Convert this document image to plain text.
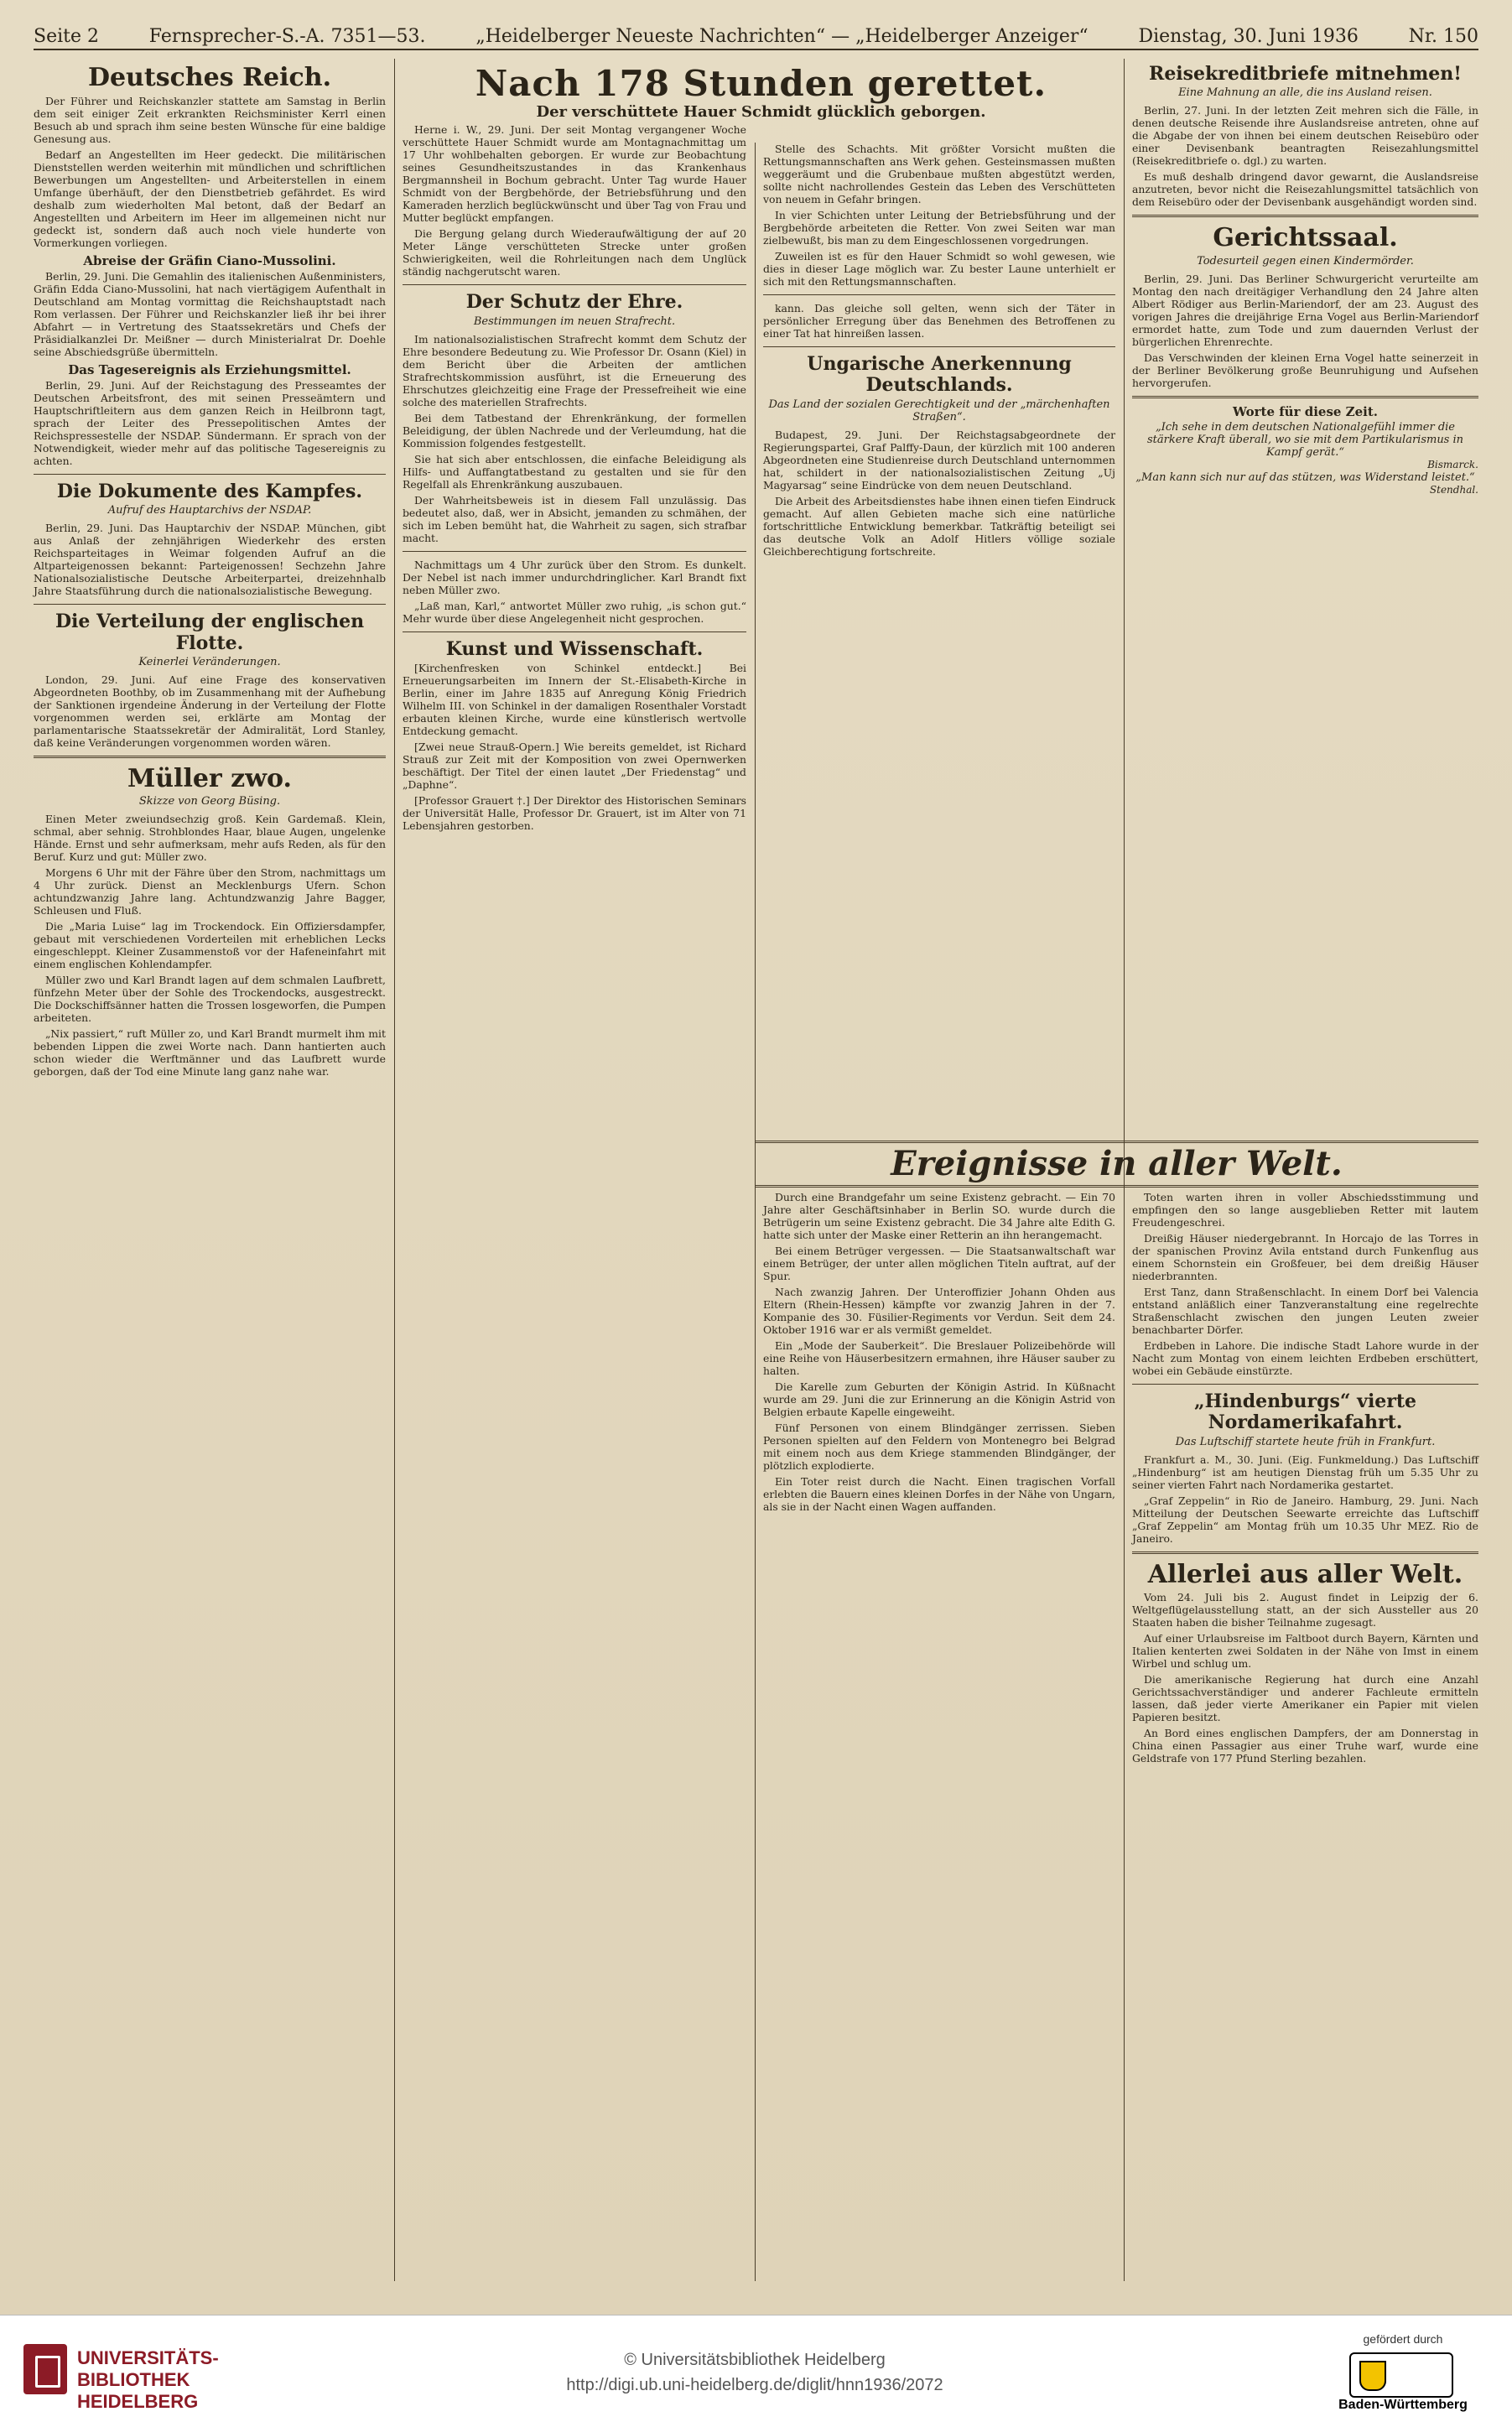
Seite 2	Fernsprecher-S.-A. 7351—53.	„Heidelberger Neueste Nachrichten“ — „Heidelberger Anzeiger“	Dienstag, 30. Juni 1936	Nr. 150
Deutsches Reich.

Der Führer und Reichskanzler stattete am Samstag in Berlin dem seit einiger Zeit erkrankten Reichsminister Kerrl einen Besuch ab und sprach ihm seine besten Wünsche für eine baldige Genesung aus.

Bedarf an Angestellten im Heer gedeckt. Die militärischen Dienststellen werden weiterhin mit mündlichen und schriftlichen Bewerbungen um Angestellten- und Arbeiterstellen in einem Umfange überhäuft, der den Dienstbetrieb gefährdet. Es wird deshalb zum wiederholten Mal betont, daß der Bedarf an Angestellten und Arbeitern im Heer im allgemeinen nicht nur gedeckt ist, sondern daß auch noch viele hunderte von Vormerkungen vorliegen.

Abreise der Gräfin Ciano-Mussolini.

Berlin, 29. Juni. Die Gemahlin des italienischen Außenministers, Gräfin Edda Ciano-Mussolini, hat nach viertägigem Aufenthalt in Deutschland am Montag vormittag die Reichshauptstadt nach Rom verlassen. Der Führer und Reichskanzler ließ ihr bei ihrer Abfahrt — in Vertretung des Staatssekretärs und Chefs der Präsidialkanzlei Dr. Meißner — durch Ministerialrat Dr. Doehle seine Abschiedsgrüße übermitteln.

Das Tagesereignis als Erziehungsmittel.

Berlin, 29. Juni. Auf der Reichstagung des Presseamtes der Deutschen Arbeitsfront, des mit seinen Presseämtern und Hauptschriftleitern aus dem ganzen Reich in Heilbronn tagt, sprach der Leiter des Pressepolitischen Amtes der Reichspressestelle der NSDAP. Sündermann. Er sprach von der Notwendigkeit, wieder mehr auf das politische Tagesereignis zu achten.

Die Dokumente des Kampfes.
Aufruf des Hauptarchivs der NSDAP.

Berlin, 29. Juni. Das Hauptarchiv der NSDAP. München, gibt aus Anlaß der zehnjährigen Wiederkehr des ersten Reichsparteitages in Weimar folgenden Aufruf an die Altparteigenossen bekannt: Parteigenossen! Sechzehn Jahre Nationalsozialistische Deutsche Arbeiterpartei, dreizehnhalb Jahre Staatsführung durch die nationalsozialistische Bewegung.

Die Verteilung der englischen Flotte.
Keinerlei Veränderungen.

London, 29. Juni. Auf eine Frage des konservativen Abgeordneten Boothby, ob im Zusammenhang mit der Aufhebung der Sanktionen irgendeine Änderung in der Verteilung der Flotte vorgenommen werden sei, erklärte am Montag der parlamentarische Staatssekretär der Admiralität, Lord Stanley, daß keine Veränderungen vorgenommen worden wären.

Müller zwo.
Skizze von Georg Büsing.

Einen Meter zweiundsechzig groß. Kein Gardemaß. Klein, schmal, aber sehnig. Strohblondes Haar, blaue Augen, ungelenke Hände. Ernst und sehr aufmerksam, mehr aufs Reden, als für den Beruf. Kurz und gut: Müller zwo.

Morgens 6 Uhr mit der Fähre über den Strom, nachmittags um 4 Uhr zurück. Dienst an Mecklenburgs Ufern. Schon achtundzwanzig Jahre lang. Achtundzwanzig Jahre Bagger, Schleusen und Fluß.

Die „Maria Luise“ lag im Trockendock. Ein Offiziersdampfer, gebaut mit verschiedenen Vorderteilen mit erheblichen Lecks eingeschleppt. Kleiner Zusammenstoß vor der Hafeneinfahrt mit einem englischen Kohlendampfer.

Müller zwo und Karl Brandt lagen auf dem schmalen Laufbrett, fünfzehn Meter über der Sohle des Trockendocks, ausgestreckt. Die Dockschiffsänner hatten die Trossen losgeworfen, die Pumpen arbeiteten.

„Nix passiert,“ ruft Müller zo, und Karl Brandt murmelt ihm mit bebenden Lippen die zwei Worte nach. Dann hantierten auch schon wieder die Werftmänner und das Laufbrett wurde geborgen, daß der Tod eine Minute lang ganz nahe war.

Nach 178 Stunden gerettet.
Der verschüttete Hauer Schmidt glücklich geborgen.

Herne i. W., 29. Juni. Der seit Montag vergangener Woche verschüttete Hauer Schmidt wurde am Montagnachmittag um 17 Uhr wohlbehalten geborgen. Er wurde zur Beobachtung seines Gesundheitszustandes in das Krankenhaus Bergmannsheil in Bochum gebracht. Unter Tag wurde Hauer Schmidt von der Bergbehörde, der Betriebsführung und den Kameraden herzlich beglückwünscht und über Tag von Frau und Mutter beglückt empfangen.

Die Bergung gelang durch Wiederaufwältigung der auf 20 Meter Länge verschütteten Strecke unter großen Schwierigkeiten, weil die Rohrleitungen nach dem Unglück ständig nachgerutscht waren.

Der Schutz der Ehre.
Bestimmungen im neuen Strafrecht.

Im nationalsozialistischen Strafrecht kommt dem Schutz der Ehre besondere Bedeutung zu. Wie Professor Dr. Osann (Kiel) in dem Bericht über die Arbeiten der amtlichen Strafrechtskommission ausführt, ist die Erneuerung des Ehrschutzes gleichzeitig eine Frage der Pressefreiheit wie eine solche des materiellen Strafrechts.

Bei dem Tatbestand der Ehrenkränkung, der formellen Beleidigung, der üblen Nachrede und der Verleumdung, hat die Kommission folgendes festgestellt.

Sie hat sich aber entschlossen, die einfache Beleidigung als Hilfs- und Auffangtatbestand zu gestalten und sie für den Regelfall als Ehrenkränkung auszubauen.

Der Wahrheitsbeweis ist in diesem Fall unzulässig. Das bedeutet also, daß, wer in Absicht, jemanden zu schmähen, der sich im Leben bemüht hat, die Wahrheit zu sagen, sich strafbar macht.

Nachmittags um 4 Uhr zurück über den Strom. Es dunkelt. Der Nebel ist nach immer undurchdringlicher. Karl Brandt fixt neben Müller zwo.

„Laß man, Karl,“ antwortet Müller zwo ruhig, „is schon gut.“ Mehr wurde über diese Angelegenheit nicht gesprochen.

Kunst und Wissenschaft.

[Kirchenfresken von Schinkel entdeckt.] Bei Erneuerungsarbeiten im Innern der St.-Elisabeth-Kirche in Berlin, einer im Jahre 1835 auf Anregung König Friedrich Wilhelm III. von Schinkel in der damaligen Rosenthaler Vorstadt erbauten kleinen Kirche, wurde eine künstlerisch wertvolle Entdeckung gemacht.

[Zwei neue Strauß-Opern.] Wie bereits gemeldet, ist Richard Strauß zur Zeit mit der Komposition von zwei Opernwerken beschäftigt. Der Titel der einen lautet „Der Friedenstag“ und „Daphne“.

[Professor Grauert †.] Der Direktor des Historischen Seminars der Universität Halle, Professor Dr. Grauert, ist im Alter von 71 Lebensjahren gestorben.

Stelle des Schachts. Mit größter Vorsicht mußten die Rettungsmannschaften ans Werk gehen. Gesteinsmassen mußten weggeräumt und die Grubenbaue mußten abgestützt werden, sollte nicht nachrollendes Gestein das Leben des Verschütteten von neuem in Gefahr bringen.

In vier Schichten unter Leitung der Betriebsführung und der Bergbehörde arbeiteten die Retter. Von zwei Seiten war man zielbewußt, bis man zu dem Eingeschlossenen vorgedrungen.

Zuweilen ist es für den Hauer Schmidt so wohl gewesen, wie dies in dieser Lage möglich war. Zu bester Laune unterhielt er sich mit den Rettungsmannschaften.

kann. Das gleiche soll gelten, wenn sich der Täter in persönlicher Erregung über das Benehmen des Betroffenen zu einer Tat hat hinreißen lassen.

Ungarische Anerkennung Deutschlands.
Das Land der sozialen Gerechtigkeit und der „märchenhaften Straßen“.

Budapest, 29. Juni. Der Reichstagsabgeordnete der Regierungspartei, Graf Palffy-Daun, der kürzlich mit 100 anderen Abgeordneten eine Studienreise durch Deutschland unternommen hat, schildert in der nationalsozialistischen Zeitung „Uj Magyarsag“ seine Eindrücke von dem neuen Deutschland.

Die Arbeit des Arbeitsdienstes habe ihnen einen tiefen Eindruck gemacht. Auf allen Gebieten mache sich eine natürliche fortschrittliche Entwicklung bemerkbar. Tatkräftig beteiligt sei das deutsche Volk an Adolf Hitlers völlige soziale Gleichberechtigung fortschreite.

Reisekreditbriefe mitnehmen!
Eine Mahnung an alle, die ins Ausland reisen.

Berlin, 27. Juni. In der letzten Zeit mehren sich die Fälle, in denen deutsche Reisende ihre Auslandsreise antreten, ohne auf die Abgabe der von ihnen bei einem deutschen Reisebüro oder einer Devisenbank beantragten Reisezahlungsmittel (Reisekreditbriefe o. dgl.) zu warten.

Es muß deshalb dringend davor gewarnt, die Auslandsreise anzutreten, bevor nicht die Reisezahlungsmittel tatsächlich von dem Reisebüro oder der Devisenbank ausgehändigt worden sind.

Gerichtssaal.
Todesurteil gegen einen Kindermörder.

Berlin, 29. Juni. Das Berliner Schwurgericht verurteilte am Montag den nach dreitägiger Verhandlung den 24 Jahre alten Albert Rödiger aus Berlin-Mariendorf, der am 23. August des vorigen Jahres die dreijährige Erna Vogel aus Berlin-Mariendorf ermordet hatte, zum Tode und zum dauernden Verlust der bürgerlichen Ehrenrechte.

Das Verschwinden der kleinen Erna Vogel hatte seinerzeit in der Berliner Bevölkerung große Beunruhigung und Aufsehen hervorgerufen.

Worte für diese Zeit.
„Ich sehe in dem deutschen Nationalgefühl immer die stärkere Kraft überall, wo sie mit dem Partikularismus in Kampf gerät.“
Bismarck.
„Man kann sich nur auf das stützen, was Widerstand leistet.“
Stendhal.
Ereignisse in aller Welt.

Durch eine Brandgefahr um seine Existenz gebracht. — Ein 70 Jahre alter Geschäftsinhaber in Berlin SO. wurde durch die Betrügerin um seine Existenz gebracht. Die 34 Jahre alte Edith G. hatte sich unter der Maske einer Retterin an ihn herangemacht.

Bei einem Betrüger vergessen. — Die Staatsanwaltschaft war einem Betrüger, der unter allen möglichen Titeln auftrat, auf der Spur.

Nach zwanzig Jahren. Der Unteroffizier Johann Ohden aus Eltern (Rhein-Hessen) kämpfte vor zwanzig Jahren in der 7. Kompanie des 30. Füsilier-Regiments vor Verdun. Seit dem 24. Oktober 1916 war er als vermißt gemeldet.

Ein „Mode der Sauberkeit“. Die Breslauer Polizeibehörde will eine Reihe von Häuserbesitzern ermahnen, ihre Häuser sauber zu halten.

Die Karelle zum Geburten der Königin Astrid. In Küßnacht wurde am 29. Juni die zur Erinnerung an die Königin Astrid von Belgien erbaute Kapelle eingeweiht.

Fünf Personen von einem Blindgänger zerrissen. Sieben Personen spielten auf den Feldern von Montenegro bei Belgrad mit einem noch aus dem Kriege stammenden Blindgänger, der plötzlich explodierte.

Ein Toter reist durch die Nacht. Einen tragischen Vorfall erlebten die Bauern eines kleinen Dorfes in der Nähe von Ungarn, als sie in der Nacht einen Wagen auffanden.

Toten warten ihren in voller Abschiedsstimmung und empfingen den so lange ausgeblieben Retter mit lautem Freudengeschrei.

Dreißig Häuser niedergebrannt. In Horcajo de las Torres in der spanischen Provinz Avila entstand durch Funkenflug aus einem Schornstein ein Großfeuer, bei dem dreißig Häuser niederbrannten.

Erst Tanz, dann Straßenschlacht. In einem Dorf bei Valencia entstand anläßlich einer Tanzveranstaltung eine regelrechte Straßenschlacht zwischen den jungen Leuten zweier benachbarter Dörfer.

Erdbeben in Lahore. Die indische Stadt Lahore wurde in der Nacht zum Montag von einem leichten Erdbeben erschüttert, wobei ein Gebäude einstürzte.

„Hindenburgs“ vierte Nordamerikafahrt.
Das Luftschiff startete heute früh in Frankfurt.

Frankfurt a. M., 30. Juni. (Eig. Funkmeldung.) Das Luftschiff „Hindenburg“ ist am heutigen Dienstag früh um 5.35 Uhr zu seiner vierten Fahrt nach Nordamerika gestartet.

„Graf Zeppelin“ in Rio de Janeiro. Hamburg, 29. Juni. Nach Mitteilung der Deutschen Seewarte erreichte das Luftschiff „Graf Zeppelin“ am Montag früh um 10.35 Uhr MEZ. Rio de Janeiro.

Allerlei aus aller Welt.

Vom 24. Juli bis 2. August findet in Leipzig der 6. Weltgeflügelausstellung statt, an der sich Aussteller aus 20 Staaten haben die bisher Teilnahme zugesagt.

Auf einer Urlaubsreise im Faltboot durch Bayern, Kärnten und Italien kenterten zwei Soldaten in der Nähe von Imst in einem Wirbel und schlug um.

Die amerikanische Regierung hat durch eine Anzahl Gerichtssachverständiger und anderer Fachleute ermitteln lassen, daß jeder vierte Amerikaner ein Papier mit vielen Papieren besitzt.

An Bord eines englischen Dampfers, der am Donnerstag in China einen Passagier aus einer Truhe warf, wurde eine Geldstrafe von 177 Pfund Sterling bezahlen.

UNIVERSITÄTS-
BIBLIOTHEK
HEIDELBERG
© Universitätsbibliothek Heidelberg
http://digi.ub.uni-heidelberg.de/diglit/hnn1936/2072
gefördert durch
Baden-Württemberg
